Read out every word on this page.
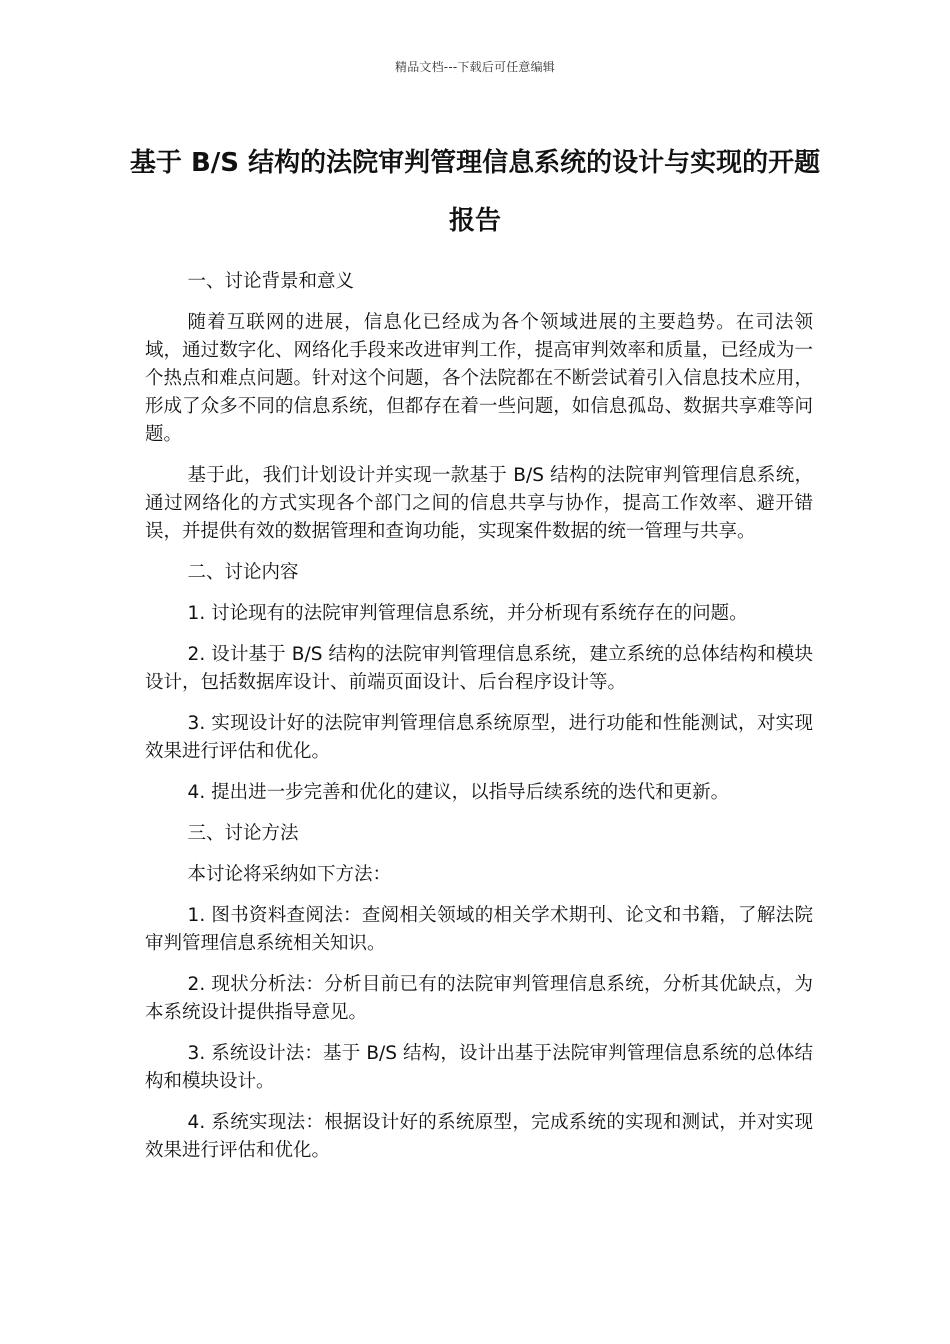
精品文档---下载后可任意编辑
基于 B/S 结构的法院审判管理信息系统的设计与实现的开题报告

一、讨论背景和意义

随着互联网的进展，信息化已经成为各个领域进展的主要趋势。在司法领域，通过数字化、网络化手段来改进审判工作，提高审判效率和质量，已经成为一个热点和难点问题。针对这个问题，各个法院都在不断尝试着引入信息技术应用，形成了众多不同的信息系统，但都存在着一些问题，如信息孤岛、数据共享难等问题。

基于此，我们计划设计并实现一款基于 B/S 结构的法院审判管理信息系统，通过网络化的方式实现各个部门之间的信息共享与协作，提高工作效率、避开错误，并提供有效的数据管理和查询功能，实现案件数据的统一管理与共享。

二、讨论内容

1. 讨论现有的法院审判管理信息系统，并分析现有系统存在的问题。

2. 设计基于 B/S 结构的法院审判管理信息系统，建立系统的总体结构和模块设计，包括数据库设计、前端页面设计、后台程序设计等。

3. 实现设计好的法院审判管理信息系统原型，进行功能和性能测试，对实现效果进行评估和优化。

4. 提出进一步完善和优化的建议，以指导后续系统的迭代和更新。

三、讨论方法

本讨论将采纳如下方法：

1. 图书资料查阅法：查阅相关领域的相关学术期刊、论文和书籍，了解法院审判管理信息系统相关知识。

2. 现状分析法：分析目前已有的法院审判管理信息系统，分析其优缺点，为本系统设计提供指导意见。

3. 系统设计法：基于 B/S 结构，设计出基于法院审判管理信息系统的总体结构和模块设计。

4. 系统实现法：根据设计好的系统原型，完成系统的实现和测试，并对实现效果进行评估和优化。
